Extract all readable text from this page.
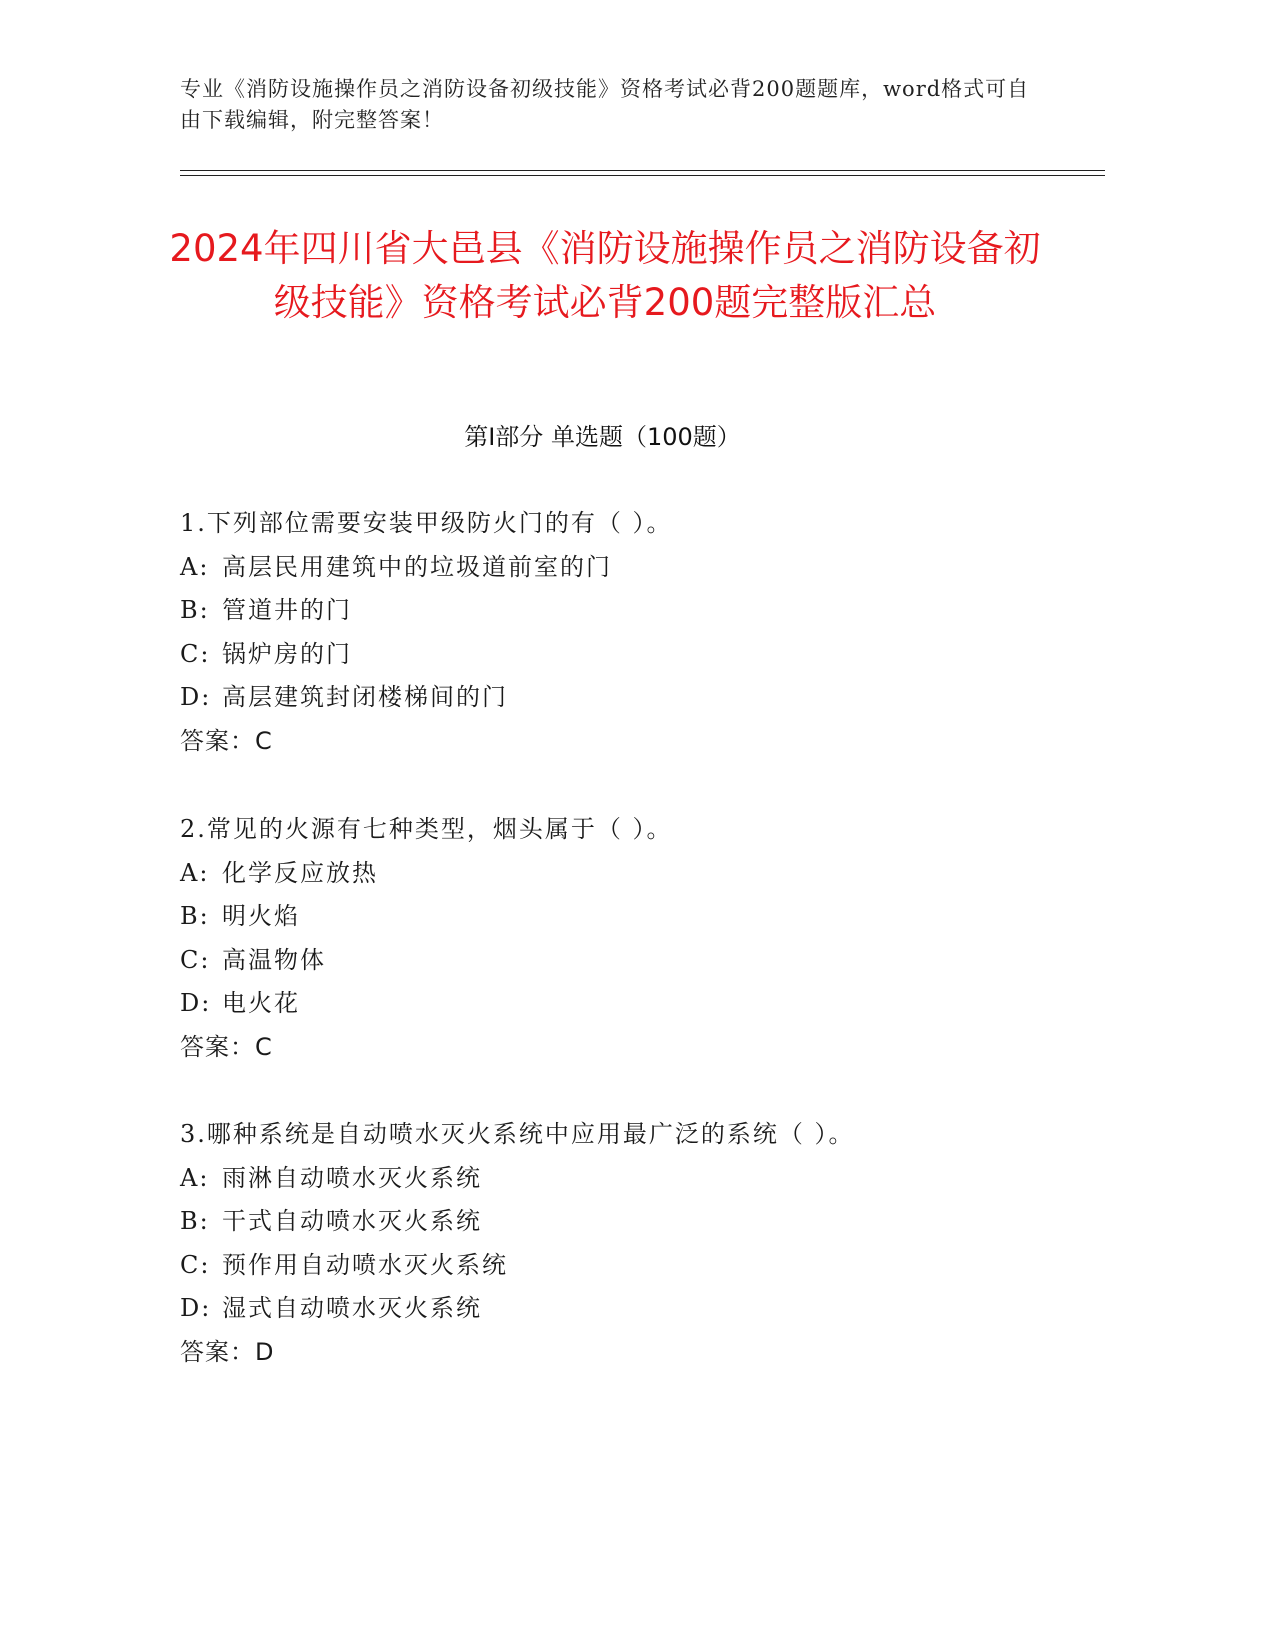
专业《消防设施操作员之消防设备初级技能》资格考试必背200题题库，word格式可自由下载编辑，附完整答案！
2024年四川省大邑县《消防设施操作员之消防设备初级技能》资格考试必背200题完整版汇总
第Ⅰ部分 单选题（100题）
1.下列部位需要安装甲级防火门的有（ ）。
A: 高层民用建筑中的垃圾道前室的门
B: 管道井的门
C: 锅炉房的门
D: 高层建筑封闭楼梯间的门
答案：C
2.常见的火源有七种类型，烟头属于（ ）。
A: 化学反应放热
B: 明火焰
C: 高温物体
D: 电火花
答案：C
3.哪种系统是自动喷水灭火系统中应用最广泛的系统（ ）。
A: 雨淋自动喷水灭火系统
B: 干式自动喷水灭火系统
C: 预作用自动喷水灭火系统
D: 湿式自动喷水灭火系统
答案：D
